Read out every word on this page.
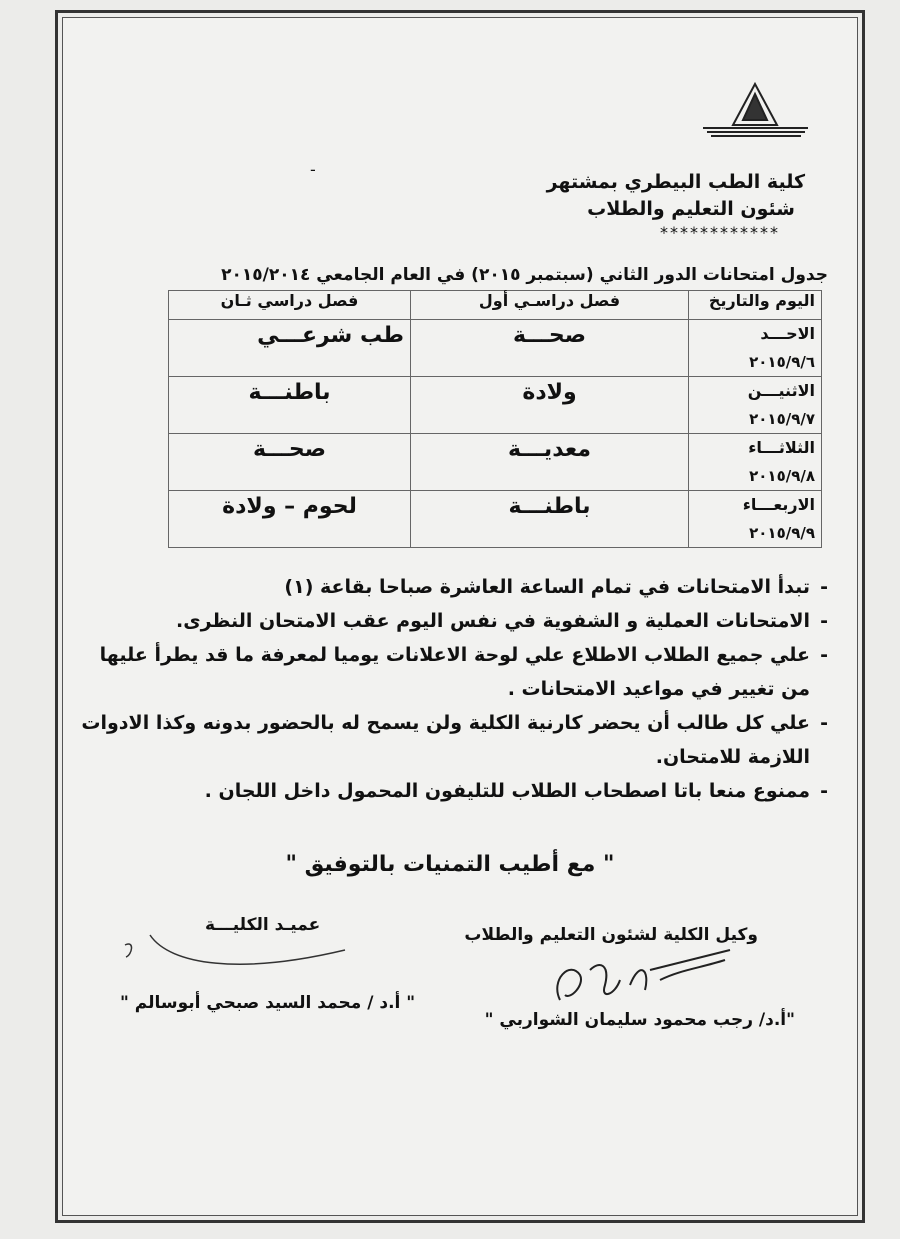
-
كلية الطب البيطري بمشتهر
شئون التعليم والطلاب
************
جدول امتحانات الدور الثاني (سبتمبر ٢٠١٥) في العام الجامعي ٢٠١٥/٢٠١٤
اليوم والتاريخ	فصل دراسـي أول	فصل دراسي ثـان
الاحـــد
٢٠١٥/٩/٦	صحـــة	طب شرعـــي
الاثنيـــن
٢٠١٥/٩/٧	ولادة	باطنـــة
الثلاثـــاء
٢٠١٥/٩/٨	معديـــة	صحـــة
الاربعـــاء
٢٠١٥/٩/٩	باطنـــة	لحوم – ولادة
- تبدأ الامتحانات في تمام الساعة العاشرة صباحا بقاعة (١)
- الامتحانات العملية و الشفوية في نفس اليوم عقب الامتحان النظرى.
- علي جميع الطلاب الاطلاع علي لوحة الاعلانات يوميا لمعرفة ما قد يطرأ عليها من تغيير في مواعيد الامتحانات .
- علي كل طالب أن يحضر كارنية الكلية ولن يسمح له بالحضور بدونه وكذا الادوات اللازمة للامتحان.
- ممنوع منعا باتا اصطحاب الطلاب للتليفون المحمول داخل اللجان .
" مع أطيب التمنيات بالتوفيق "
وكيل الكلية لشئون التعليم والطلاب
عميـد الكليـــة
"أ.د/ رجب محمود سليمان الشواربي "
" أ.د / محمد السيد صبحي أبوسالم "
